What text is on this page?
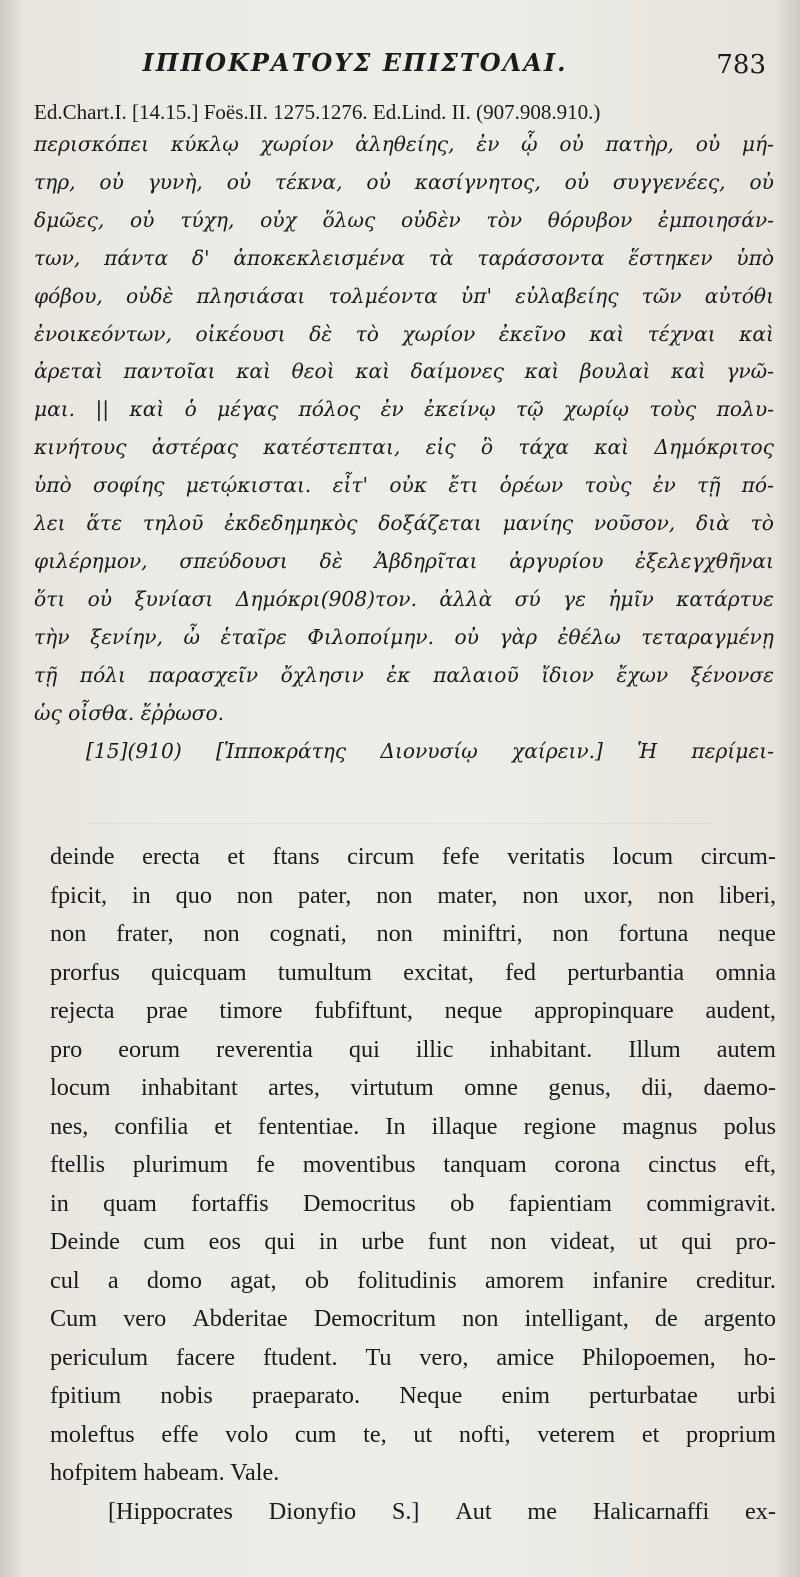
ΙΠΠΟΚΡΑΤΟΥΣ ΕΠΙΣΤΟΛΑΙ.	783
Ed.Chart.I. [14.15.] Foës.II. 1275.1276. Ed.Lind. II. (907.908.910.)
περισκόπει κύκλῳ χωρίον ἀληθείης, ἐν ᾧ οὐ πατὴρ, οὐ μή-
τηρ, οὐ γυνὴ, οὐ τέκνα, οὐ κασίγνητος, οὐ συγγενέες, οὐ
δμῶες, οὐ τύχη, οὐχ ὅλως οὐδὲν τὸν θόρυβον ἐμποιησάν-
των, πάντα δ' ἀποκεκλεισμένα τὰ ταράσσοντα ἕστηκεν ὑπὸ
φόβου, οὐδὲ πλησιάσαι τολμέοντα ὑπ' εὐλαβείης τῶν αὐτόθι
ἐνοικεόντων, οἰκέουσι δὲ τὸ χωρίον ἐκεῖνο καὶ τέχναι καὶ
ἀρεταὶ παντοῖαι καὶ θεοὶ καὶ δαίμονες καὶ βουλαὶ καὶ γνῶ-
μαι. || καὶ ὁ μέγας πόλος ἐν ἐκείνῳ τῷ χωρίῳ τοὺς πολυ-
κινήτους ἀστέρας κατέστεπται, εἰς ὃ τάχα καὶ Δημόκριτος
ὑπὸ σοφίης μετῴκισται. εἶτ' οὐκ ἔτι ὁρέων τοὺς ἐν τῇ πό-
λει ἅτε τηλοῦ ἐκδεδημηκὸς δοξάζεται μανίης νοῦσον, διὰ τὸ
φιλέρημον, σπεύδουσι δὲ Ἀβδηρῖται ἀργυρίου ἐξελεγχθῆναι
ὅτι οὐ ξυνίασι Δημόκρι(908)τον. ἀλλὰ σύ γε ἡμῖν κατάρτυε
τὴν ξενίην, ὦ ἑταῖρε Φιλοποίμην. οὐ γὰρ ἐθέλω τεταραγμένῃ
τῇ πόλι παρασχεῖν ὄχλησιν ἐκ παλαιοῦ ἴδιον ἔχων ξένονσε
ὡς οἶσθα. ἔῤῥωσο.
[15](910) [Ἱπποκράτης Διονυσίῳ χαίρειν.] Ἡ περίμει-
deinde erecta et ftans circum fefe veritatis locum circum-
fpicit, in quo non pater, non mater, non uxor, non liberi,
non frater, non cognati, non miniftri, non fortuna neque
prorfus quicquam tumultum excitat, fed perturbantia omnia
rejecta prae timore fubfiftunt, neque appropinquare audent,
pro eorum reverentia qui illic inhabitant. Illum autem
locum inhabitant artes, virtutum omne genus, dii, daemo-
nes, confilia et fententiae. In illaque regione magnus polus
ftellis plurimum fe moventibus tanquam corona cinctus eft,
in quam fortaffis Democritus ob fapientiam commigravit.
Deinde cum eos qui in urbe funt non videat, ut qui pro-
cul a domo agat, ob folitudinis amorem infanire creditur.
Cum vero Abderitae Democritum non intelligant, de argento
periculum facere ftudent. Tu vero, amice Philopoemen, ho-
fpitium nobis praeparato. Neque enim perturbatae urbi
moleftus effe volo cum te, ut nofti, veterem et proprium
hofpitem habeam. Vale.
[Hippocrates Dionyfio S.] Aut me Halicarnaffi ex-
